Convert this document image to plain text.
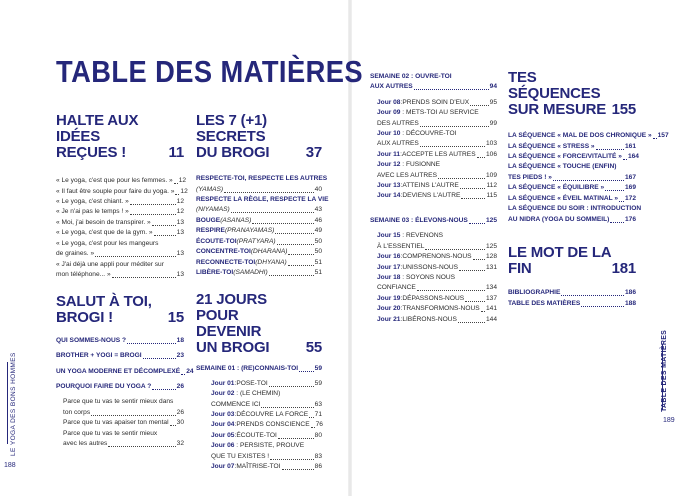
TABLE DES MATIÈRES
HALTE AUX IDÉES
REÇUES !	11
« Le yoga, c'est que pour les femmes. » 12
« Il faut être souple pour faire du yoga. » 12
« Le yoga, c'est chiant. »	12
« Je n'ai pas le temps ! »	12
« Moi, j'ai besoin de transpirer. »	13
« Le yoga, c'est que de la gym. »	13
« Le yoga, c'est pour les mangeurs
de graines. »	13
« J'ai déjà une appli pour méditer sur
mon téléphone... »	13
SALUT À TOI, BROGI !	15
QUI SOMMES-NOUS ?	18
BROTHER + YOGI = BROGI	23
UN YOGA MODERNE ET DÉCOMPLEXÉ 24
POURQUOI FAIRE DU YOGA ?	26
Parce que tu vas te sentir mieux dans
ton corps	26
Parce que tu vas apaiser ton mental 30
Parce que tu vas te sentir mieux
avec les autres	32
LES 7 (+1) SECRETS
DU BROGI	37
RESPECTE-TOI, RESPECTE LES AUTRES
(YAMAS)	40
RESPECTE LA RÈGLE, RESPECTE LA VIE
(NIYAMAS)	43
BOUGE (ASANAS)	46
RESPIRE (PRANAYAMAS)	49
ÉCOUTE-TOI (PRATYARA)	50
CONCENTRE-TOI (DHARANA)	50
RECONNECTE-TOI (DHYANA)	51
LIBÈRE-TOI (SAMADHI)	51
21 JOURS POUR DEVENIR
UN BROGI	55
SEMAINE 01 : (RE)CONNAIS-TOI	59
Jour 01 : POSE-TOI	59
Jour 02 : (LE CHEMIN)
COMMENCE ICI	63
Jour 03 : DÉCOUVRE LA FORCE 71
Jour 04 : PRENDS CONSCIENCE 76
Jour 05 : ÉCOUTE-TOI	80
Jour 06 : PERSISTE, PROUVE
QUE TU EXISTES !	83
Jour 07 : MAÎTRISE-TOI	86
SEMAINE 02 : OUVRE-TOI
AUX AUTRES	94
Jour 08 : PRENDS SOIN D'EUX	95
Jour 09 : METS-TOI AU SERVICE
DES AUTRES	99
Jour 10 : DÉCOUVRE-TOI
AUX AUTRES	103
Jour 11 : ACCEPTE LES AUTRES 106
Jour 12 : FUSIONNE
AVEC LES AUTRES	109
Jour 13 : ATTEINS L'AUTRE	112
Jour 14 : DEVIENS L'AUTRE	115
SEMAINE 03 : ÉLEVONS-NOUS	125
Jour 15 : REVENONS
À L'ESSENTIEL	125
Jour 16 : COMPRENONS-NOUS 128
Jour 17 : UNISSONS-NOUS	131
Jour 18 : SOYONS NOUS
CONFIANCE	134
Jour 19 : DÉPASSONS-NOUS	137
Jour 20 : TRANSFORMONS-NOUS 141
Jour 21 : LIBÉRONS-NOUS	144
TES SÉQUENCES
SUR MESURE 155
LA SÉQUENCE « MAL DE DOS CHRONIQUE » 157
LA SÉQUENCE « STRESS »	161
LA SÉQUENCE « FORCE/VITALITÉ » 164
LA SÉQUENCE « TOUCHE (ENFIN)
TES PIEDS ! »	167
LA SÉQUENCE « ÉQUILIBRE »	169
LA SÉQUENCE « ÉVEIL MATINAL » 172
LA SÉQUENCE DU SOIR : INTRODUCTION
AU NIDRA (YOGA DU SOMMEIL) 176
LE MOT DE LA FIN	181
BIBLIOGRAPHIE	186
TABLE DES MATIÈRES	188
LE YOGA DES BONS HOMMES
188
TABLE DES MATIÈRES
189
